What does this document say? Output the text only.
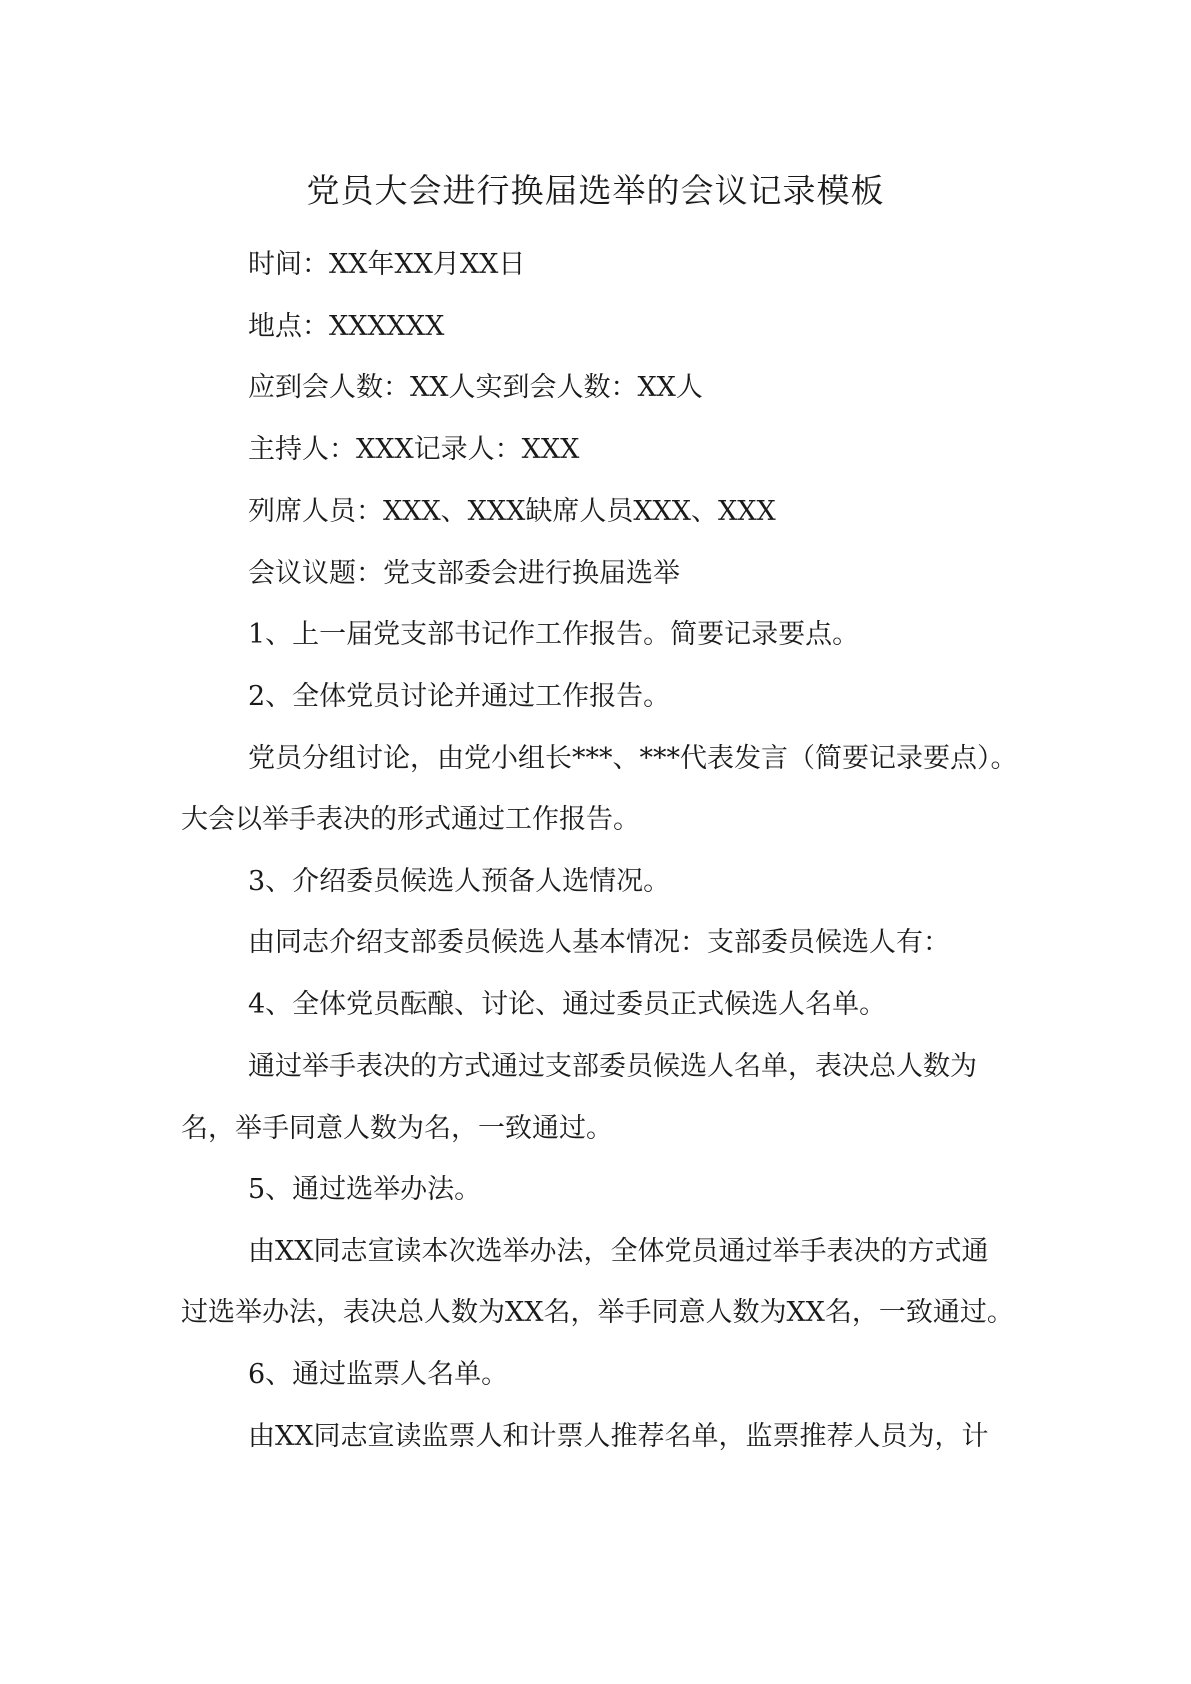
党员大会进行换届选举的会议记录模板
时间：XX年XX月XX日
地点：XXXXXX
应到会人数：XX人实到会人数：XX人
主持人：XXX记录人：XXX
列席人员：XXX、XXX缺席人员XXX、XXX
会议议题：党支部委会进行换届选举
1、上一届党支部书记作工作报告。简要记录要点。
2、全体党员讨论并通过工作报告。
党员分组讨论，由党小组长***、***代表发言（简要记录要点）。
大会以举手表决的形式通过工作报告。
3、介绍委员候选人预备人选情况。
由同志介绍支部委员候选人基本情况：支部委员候选人有：
4、全体党员酝酿、讨论、通过委员正式候选人名单。
通过举手表决的方式通过支部委员候选人名单，表决总人数为
名，举手同意人数为名，一致通过。
5、通过选举办法。
由XX同志宣读本次选举办法，全体党员通过举手表决的方式通
过选举办法，表决总人数为XX名，举手同意人数为XX名，一致通过。
6、通过监票人名单。
由XX同志宣读监票人和计票人推荐名单，监票推荐人员为，计
